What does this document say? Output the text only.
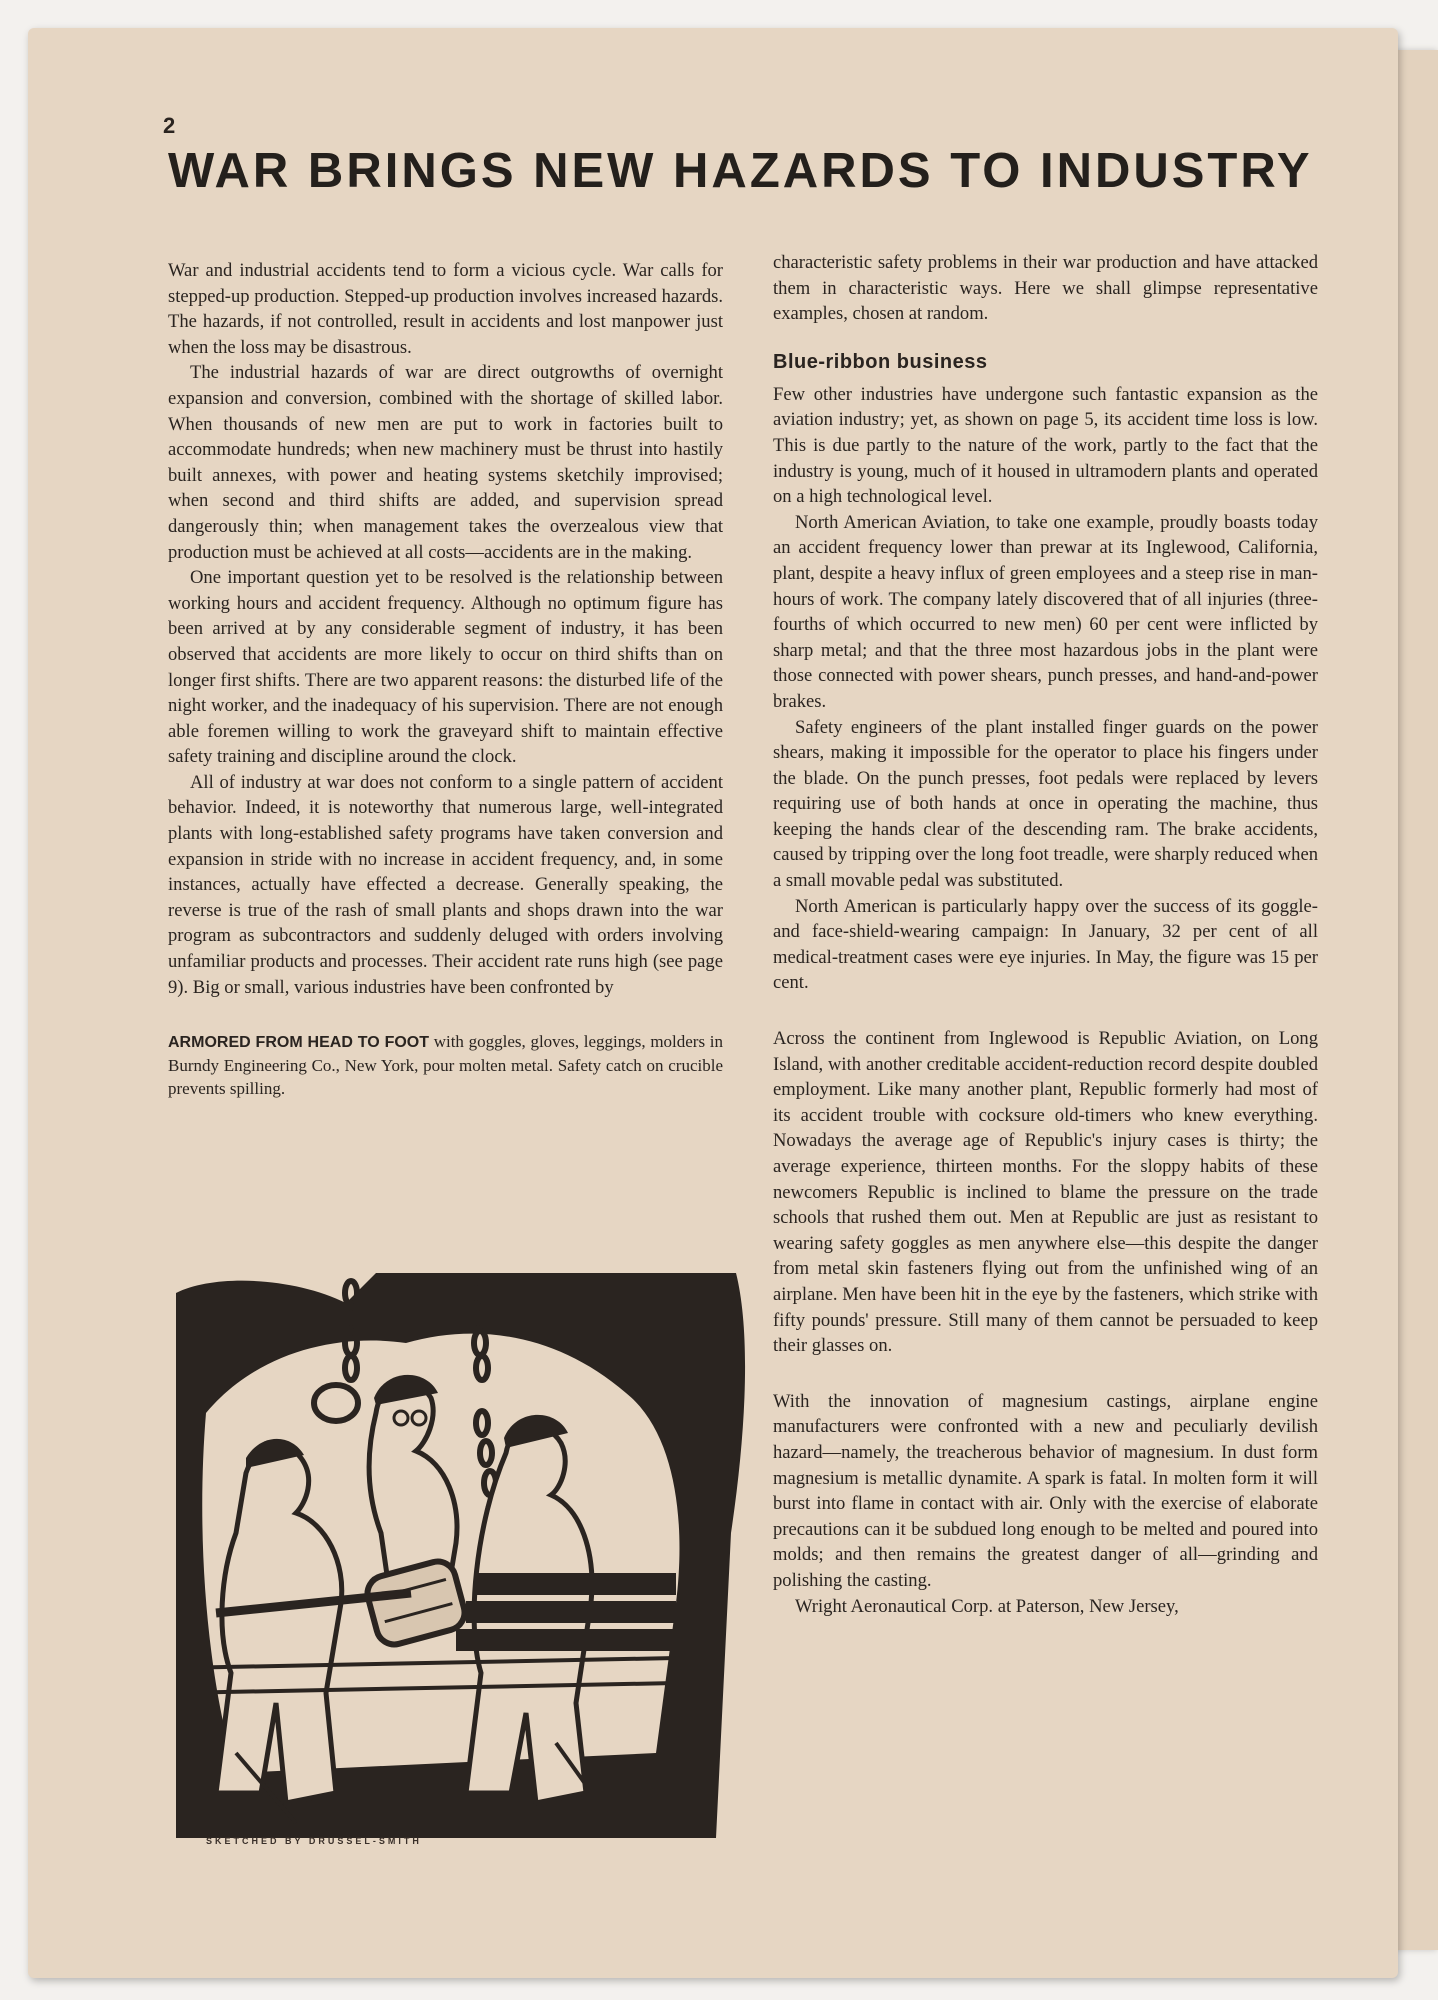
2
WAR BRINGS NEW HAZARDS TO INDUSTRY

War and industrial accidents tend to form a vicious cycle. War calls for stepped-up production. Stepped-up production involves increased hazards. The hazards, if not controlled, result in accidents and lost manpower just when the loss may be disastrous.

The industrial hazards of war are direct outgrowths of overnight expansion and conversion, combined with the shortage of skilled labor. When thousands of new men are put to work in factories built to accommodate hundreds; when new machinery must be thrust into hastily built annexes, with power and heating systems sketchily improvised; when second and third shifts are added, and supervision spread dangerously thin; when management takes the overzealous view that production must be achieved at all costs—accidents are in the making.

One important question yet to be resolved is the relationship between working hours and accident frequency. Although no optimum figure has been arrived at by any considerable segment of industry, it has been observed that accidents are more likely to occur on third shifts than on longer first shifts. There are two apparent reasons: the disturbed life of the night worker, and the inadequacy of his supervision. There are not enough able foremen willing to work the graveyard shift to maintain effective safety training and discipline around the clock.

All of industry at war does not conform to a single pattern of accident behavior. Indeed, it is noteworthy that numerous large, well-integrated plants with long-established safety programs have taken conversion and expansion in stride with no increase in accident frequency, and, in some instances, actually have effected a decrease. Generally speaking, the reverse is true of the rash of small plants and shops drawn into the war program as subcontractors and suddenly deluged with orders involving unfamiliar products and processes. Their accident rate runs high (see page 9). Big or small, various industries have been confronted by

ARMORED FROM HEAD TO FOOT with goggles, gloves, leggings, molders in Burndy Engineering Co., New York, pour molten metal. Safety catch on crucible prevents spilling.
SKETCHED BY DRUSSEL-SMITH

characteristic safety problems in their war production and have attacked them in characteristic ways. Here we shall glimpse representative examples, chosen at random.

Blue-ribbon business

Few other industries have undergone such fantastic expansion as the aviation industry; yet, as shown on page 5, its accident time loss is low. This is due partly to the nature of the work, partly to the fact that the industry is young, much of it housed in ultramodern plants and operated on a high technological level.

North American Aviation, to take one example, proudly boasts today an accident frequency lower than prewar at its Inglewood, California, plant, despite a heavy influx of green employees and a steep rise in man-hours of work. The company lately discovered that of all injuries (three-fourths of which occurred to new men) 60 per cent were inflicted by sharp metal; and that the three most hazardous jobs in the plant were those connected with power shears, punch presses, and hand-and-power brakes.

Safety engineers of the plant installed finger guards on the power shears, making it impossible for the operator to place his fingers under the blade. On the punch presses, foot pedals were replaced by levers requiring use of both hands at once in operating the machine, thus keeping the hands clear of the descending ram. The brake accidents, caused by tripping over the long foot treadle, were sharply reduced when a small movable pedal was substituted.

North American is particularly happy over the success of its goggle- and face-shield-wearing campaign: In January, 32 per cent of all medical-treatment cases were eye injuries. In May, the figure was 15 per cent.

Across the continent from Inglewood is Republic Aviation, on Long Island, with another creditable accident-reduction record despite doubled employment. Like many another plant, Republic formerly had most of its accident trouble with cocksure old-timers who knew everything. Nowadays the average age of Republic's injury cases is thirty; the average experience, thirteen months. For the sloppy habits of these newcomers Republic is inclined to blame the pressure on the trade schools that rushed them out. Men at Republic are just as resistant to wearing safety goggles as men anywhere else—this despite the danger from metal skin fasteners flying out from the unfinished wing of an airplane. Men have been hit in the eye by the fasteners, which strike with fifty pounds' pressure. Still many of them cannot be persuaded to keep their glasses on.

With the innovation of magnesium castings, airplane engine manufacturers were confronted with a new and peculiarly devilish hazard—namely, the treacherous behavior of magnesium. In dust form magnesium is metallic dynamite. A spark is fatal. In molten form it will burst into flame in contact with air. Only with the exercise of elaborate precautions can it be subdued long enough to be melted and poured into molds; and then remains the greatest danger of all—grinding and polishing the casting.

Wright Aeronautical Corp. at Paterson, New Jersey,
